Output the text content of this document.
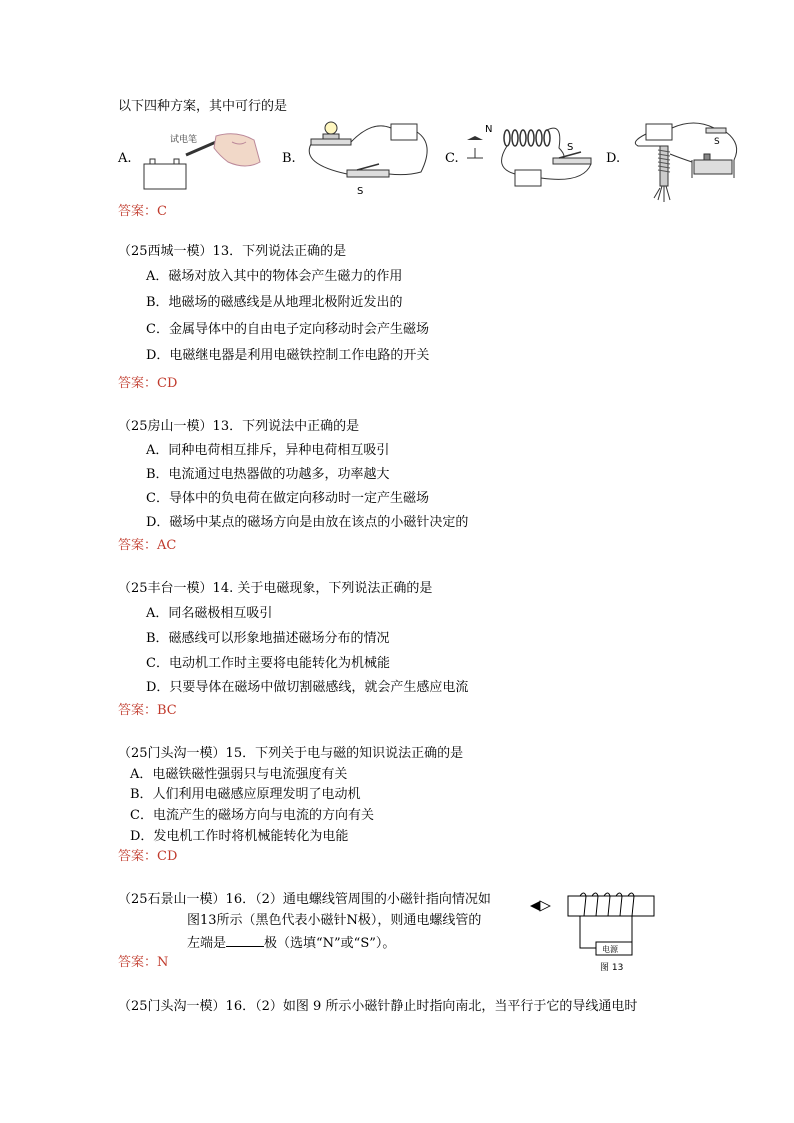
以下四种方案，其中可行的是
A.
试电笔
B.
S
C.
N
S
D.
S
答案：C
（25西城一模）13．下列说法正确的是
A．磁场对放入其中的物体会产生磁力的作用
B．地磁场的磁感线是从地理北极附近发出的
C．金属导体中的自由电子定向移动时会产生磁场
D．电磁继电器是利用电磁铁控制工作电路的开关
答案：CD
（25房山一模）13．下列说法中正确的是
A．同种电荷相互排斥，异种电荷相互吸引
B．电流通过电热器做的功越多，功率越大
C．导体中的负电荷在做定向移动时一定产生磁场
D．磁场中某点的磁场方向是由放在该点的小磁针决定的
答案：AC
（25丰台一模）14. 关于电磁现象，下列说法正确的是
A．同名磁极相互吸引
B．磁感线可以形象地描述磁场分布的情况
C．电动机工作时主要将电能转化为机械能
D．只要导体在磁场中做切割磁感线，就会产生感应电流
答案：BC
（25门头沟一模）15．下列关于电与磁的知识说法正确的是
A．电磁铁磁性强弱只与电流强度有关
B．人们利用电磁感应原理发明了电动机
C．电流产生的磁场方向与电流的方向有关
D．发电机工作时将机械能转化为电能
答案：CD
（25石景山一模）16．（2）通电螺线管周围的小磁针指向情况如
图13所示（黑色代表小磁针N极），则通电螺线管的
左端是	极（选填“N”或“S”）。
答案：N
电源
图 13
（25门头沟一模）16．（2）如图 9 所示小磁针静止时指向南北，当平行于它的导线通电时
